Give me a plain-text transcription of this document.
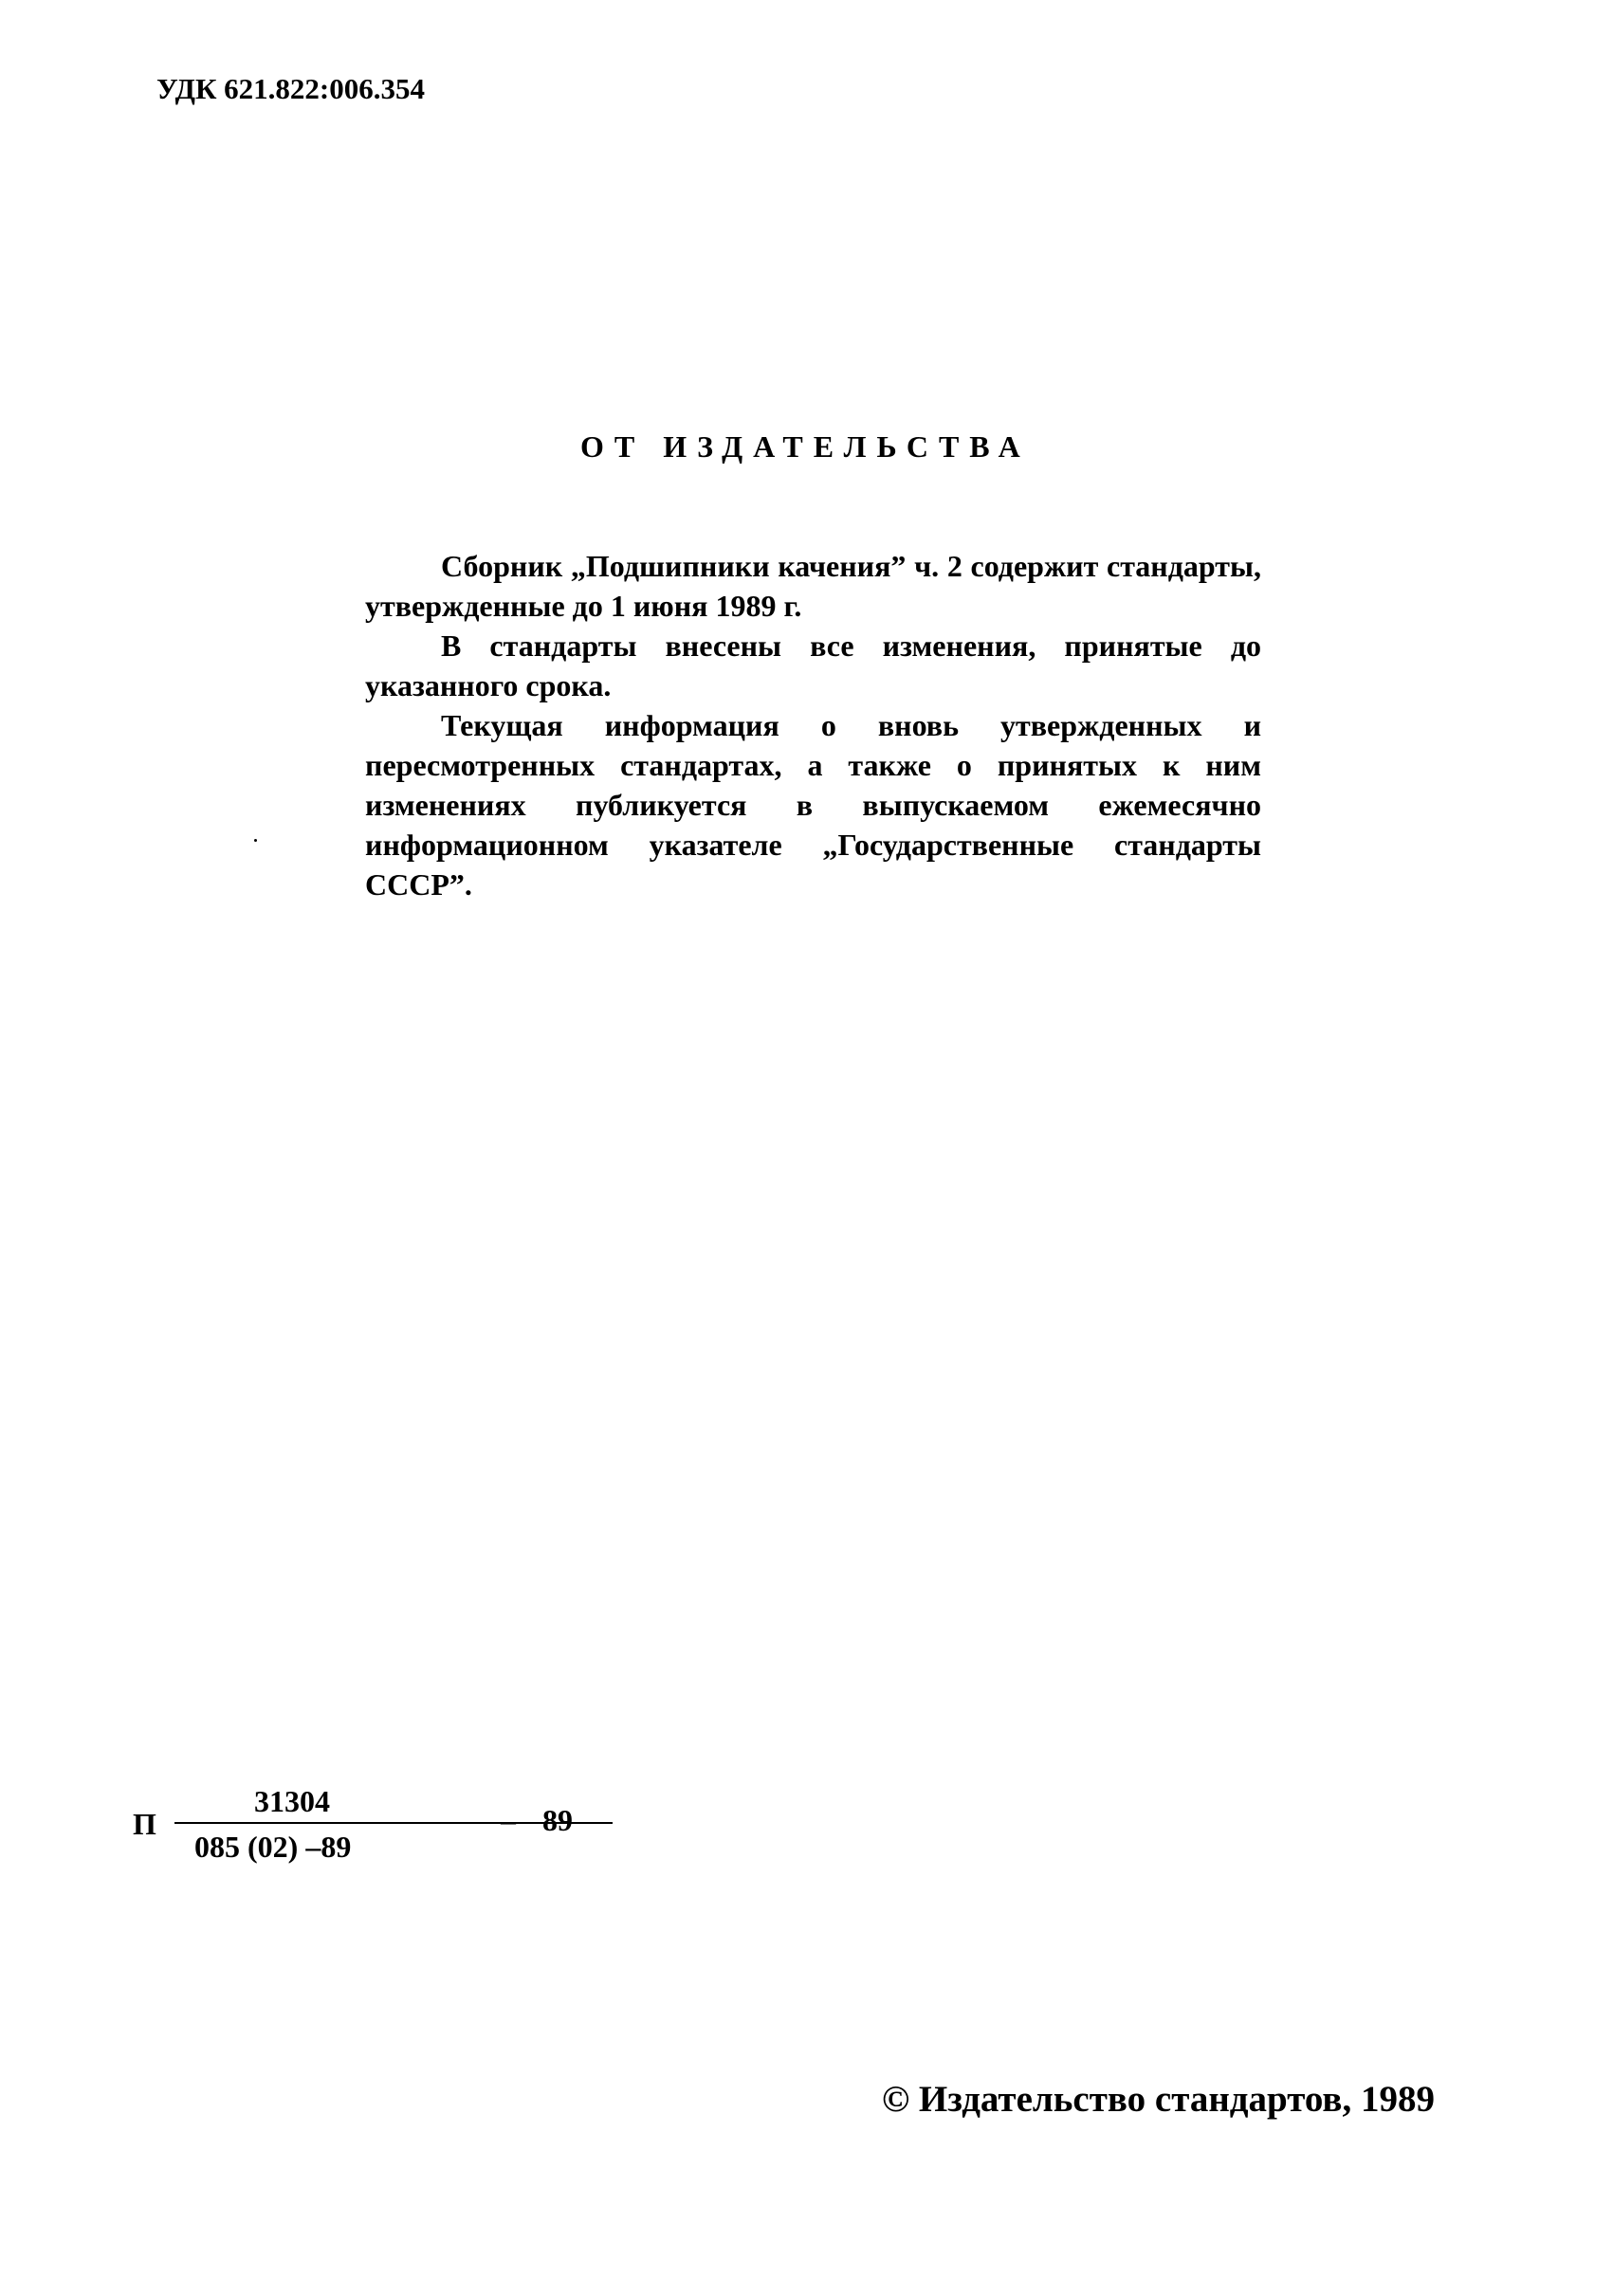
УДК 621.822:006.354
ОТ ИЗДАТЕЛЬСТВА

Сборник „Подшипники качения” ч. 2 содержит стандарты, утвержденные до 1 июня 1989 г.

В стандарты внесены все изменения, принятые до указанного срока.

Текущая информация о вновь утвержденных и пересмотренных стандартах, а также о принятых к ним изменениях публикуется в выпускаемом ежемесячно информационном указателе „Государственные стандарты СССР”.

П
31304
085 (02) –89
– 89
© Издательство стандартов, 1989
